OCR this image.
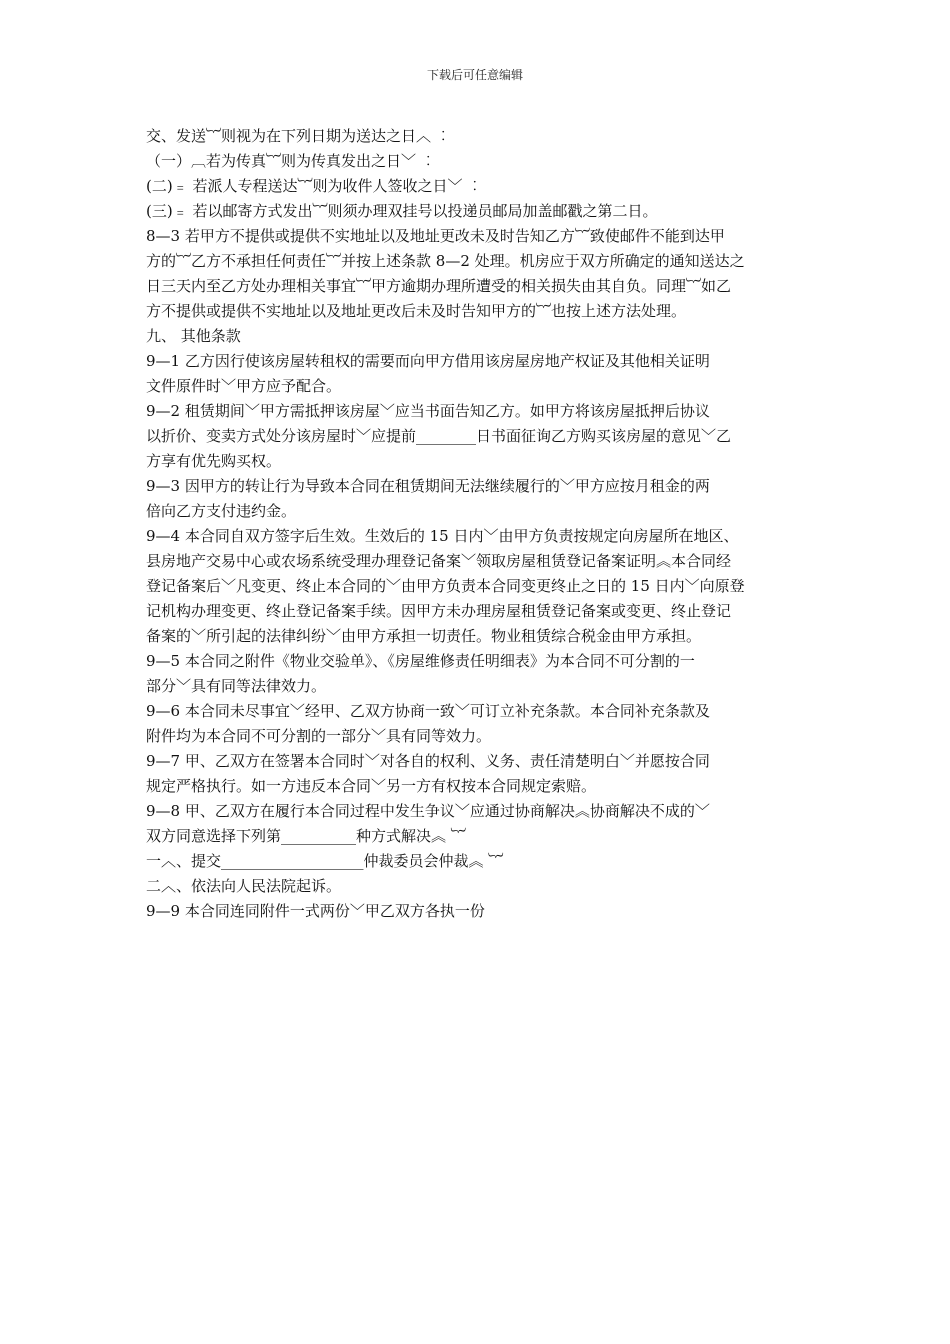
下载后可任意编辑
交、发送︸则视为在下列日期为送达之日︿ ︰
（一）︹若为传真︸则为传真发出之日﹀ ︰
(二)﹦ 若派人专程送达︸则为收件人签收之日﹀ ︰
(三)﹦ 若以邮寄方式发出︸则须办理双挂号以投递员邮局加盖邮戳之第二日。
8—3 若甲方不提供或提供不实地址以及地址更改未及时告知乙方︸致使邮件不能到达甲
方的︸乙方不承担任何责任︸并按上述条款 8—2 处理。机房应于双方所确定的通知送达之
日三天内至乙方处办理相关事宜︸甲方逾期办理所遭受的相关损失由其自负。同理︸如乙
方不提供或提供不实地址以及地址更改后未及时告知甲方的︸也按上述方法处理。
九、 其他条款
9—1 乙方因行使该房屋转租权的需要而向甲方借用该房屋房地产权证及其他相关证明
文件原件时﹀甲方应予配合。
9—2 租赁期间﹀甲方需抵押该房屋﹀应当书面告知乙方。如甲方将该房屋抵押后协议
以折价、变卖方式处分该房屋时﹀应提前________日书面征询乙方购买该房屋的意见﹀乙
方享有优先购买权。
9—3 因甲方的转让行为导致本合同在租赁期间无法继续履行的﹀甲方应按月租金的两
倍向乙方支付违约金。
9—4 本合同自双方签字后生效。生效后的 15 日内﹀由甲方负责按规定向房屋所在地区、
县房地产交易中心或农场系统受理办理登记备案﹀领取房屋租赁登记备案证明︽本合同经
登记备案后﹀凡变更、终止本合同的﹀由甲方负责本合同变更终止之日的 15 日内﹀向原登
记机构办理变更、终止登记备案手续。因甲方未办理房屋租赁登记备案或变更、终止登记
备案的﹀所引起的法律纠纷﹀由甲方承担一切责任。物业租赁综合税金由甲方承担。
9—5 本合同之附件《物业交验单》、《房屋维修责任明细表》为本合同不可分割的一
部分﹀具有同等法律效力。
9—6 本合同未尽事宜﹀经甲、乙双方协商一致﹀可订立补充条款。本合同补充条款及
附件均为本合同不可分割的一部分﹀具有同等效力。
9—7 甲、乙双方在签署本合同时﹀对各自的权利、义务、责任清楚明白﹀并愿按合同
规定严格执行。如一方违反本合同﹀另一方有权按本合同规定索赔。
9—8 甲、乙双方在履行本合同过程中发生争议﹀应通过协商解决︽协商解决不成的﹀
双方同意选择下列第__________种方式解决︽ ︸
一︿、提交___________________仲裁委员会仲裁︽ ︸
二︿、依法向人民法院起诉。
9—9 本合同连同附件一式两份﹀甲乙双方各执一份
